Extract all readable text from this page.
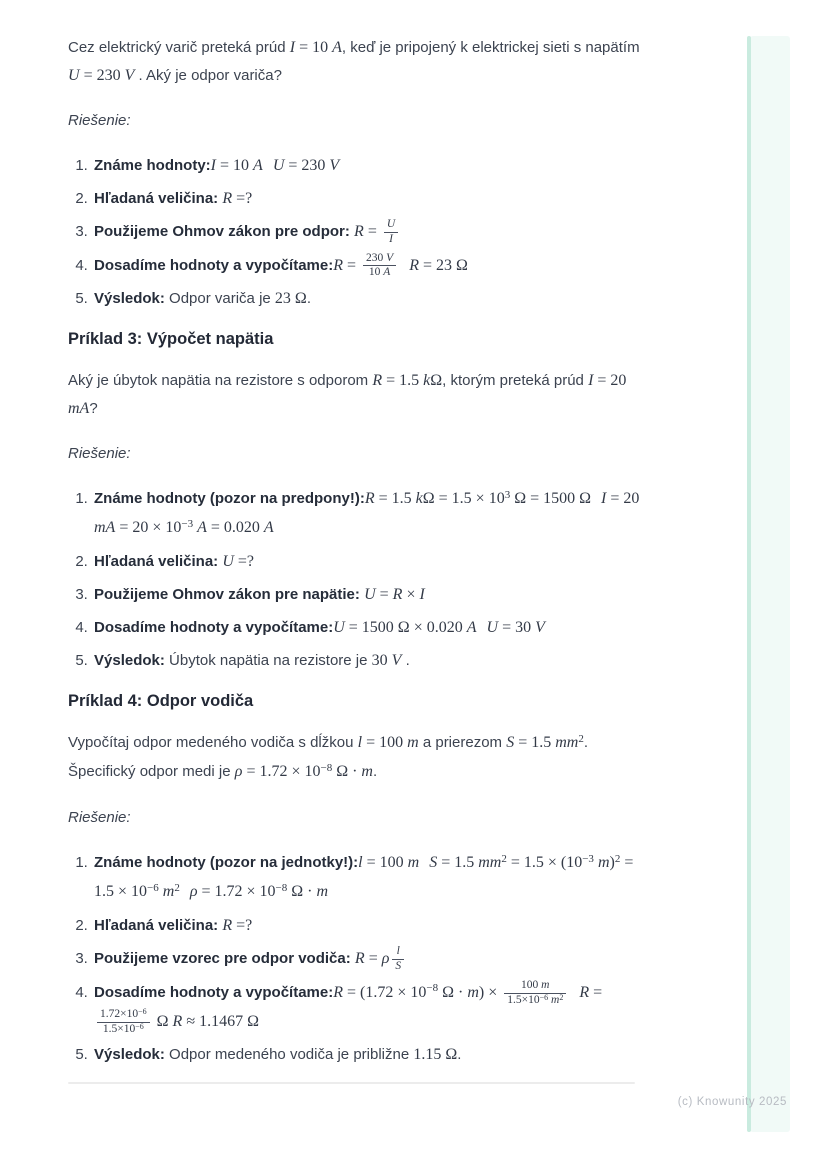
Cez elektrický varič preteká prúd I = 10 A, keď je pripojený k elektrickej sieti s napätím U = 230 V . Aký je odpor variča?

Riešenie:

1. Známe hodnoty:I = 10 A U = 230 V
2. Hľadaná veličina: R =?
3. Použijeme Ohmov zákon pre odpor: $R = \frac{U}{I}$
4. Dosadíme hodnoty a vypočítame:R = $\frac{230 V}{10 A}$ R = 23 Ω
5. Výsledok: Odpor variča je 23 Ω.
Príklad 3: Výpočet napätia

Aký je úbytok napätia na rezistore s odporom R = 1.5 kΩ, ktorým preteká prúd I = 20 mA?

Riešenie:

1. Známe hodnoty (pozor na predpony!):R = 1.5 $k\Omega = 1.5 \times 10^3$ Ω = 1500 Ω I = 20 mA = $20 \times 10^{-3}$ A = 0.020 A
2. Hľadaná veličina: U =?
3. Použijeme Ohmov zákon pre napätie: U = R × I
4. Dosadíme hodnoty a vypočítame:U = 1500 Ω × 0.020 A U = 30 V
5. Výsledok: Úbytok napätia na rezistore je 30 V .
Príklad 4: Odpor vodiča

Vypočítaj odpor medeného vodiča s dĺžkou l = 100 m a prierezom S = 1.5 $mm^2$. Špecifický odpor medi je $\rho = 1.72 \times 10^{-8}$ Ω · m.

Riešenie:

1. Známe hodnoty (pozor na jednotky!):l = 100 m S = 1.5 $mm^2 = 1.5 \times (10^{-3}$ $m)^2 = 1.5 \times 10^{-6}$ $m^2$ $\rho = 1.72 \times 10^{-8}$ Ω · m
2. Hľadaná veličina: R =?
3. Použijeme vzorec pre odpor vodiča: R = ρ $\frac{l}{S}$
4. Dosadíme hodnoty a vypočítame:R = ($1.72 \times 10^{-8}$ $\Omega \cdot m) \times \frac{100 m}{1.5\times 10^{-6} m^2}$ R =
$\frac{1.72\times 10^{-6}}{1.5\times 10^{-6}}$ Ω R ≈ 1.1467 Ω
5. Výsledok: Odpor medeného vodiča je približne 1.15 Ω.
(c) Knowunity 2025
